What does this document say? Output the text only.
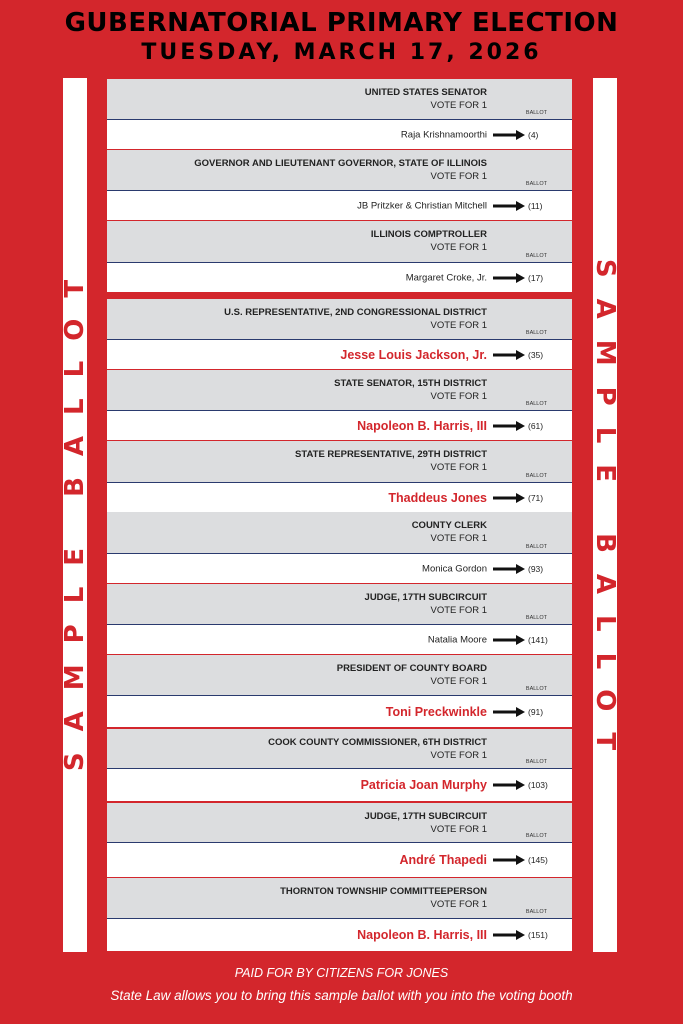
GUBERNATORIAL PRIMARY ELECTION
TUESDAY, MARCH 17, 2026
SAMPLE BALLOT	SAMPLE BALLOT
UNITED STATES SENATOR
VOTE FOR 1
BALLOT
Raja Krishnamoorthi	(4)
GOVERNOR AND LIEUTENANT GOVERNOR, STATE OF ILLINOIS
VOTE FOR 1
BALLOT
JB Pritzker & Christian Mitchell	(11)
ILLINOIS COMPTROLLER
VOTE FOR 1
BALLOT
Margaret Croke, Jr.	(17)
U.S. REPRESENTATIVE, 2ND CONGRESSIONAL DISTRICT
VOTE FOR 1
BALLOT
Jesse Louis Jackson, Jr.	(35)
STATE SENATOR, 15TH DISTRICT
VOTE FOR 1
BALLOT
Napoleon B. Harris, III	(61)
STATE REPRESENTATIVE, 29TH DISTRICT
VOTE FOR 1
BALLOT
Thaddeus Jones	(71)
COUNTY CLERK
VOTE FOR 1
BALLOT
Monica Gordon	(93)
JUDGE, 17TH SUBCIRCUIT
VOTE FOR 1
BALLOT
Natalia Moore	(141)
PRESIDENT OF COUNTY BOARD
VOTE FOR 1
BALLOT
Toni Preckwinkle	(91)
COOK COUNTY COMMISSIONER, 6TH DISTRICT
VOTE FOR 1
BALLOT
Patricia Joan Murphy	(103)
JUDGE, 17TH SUBCIRCUIT
VOTE FOR 1
BALLOT
André Thapedi	(145)
THORNTON TOWNSHIP COMMITTEEPERSON
VOTE FOR 1
BALLOT
Napoleon B. Harris, III	(151)
PAID FOR BY CITIZENS FOR JONES
State Law allows you to bring this sample ballot with you into the voting booth
